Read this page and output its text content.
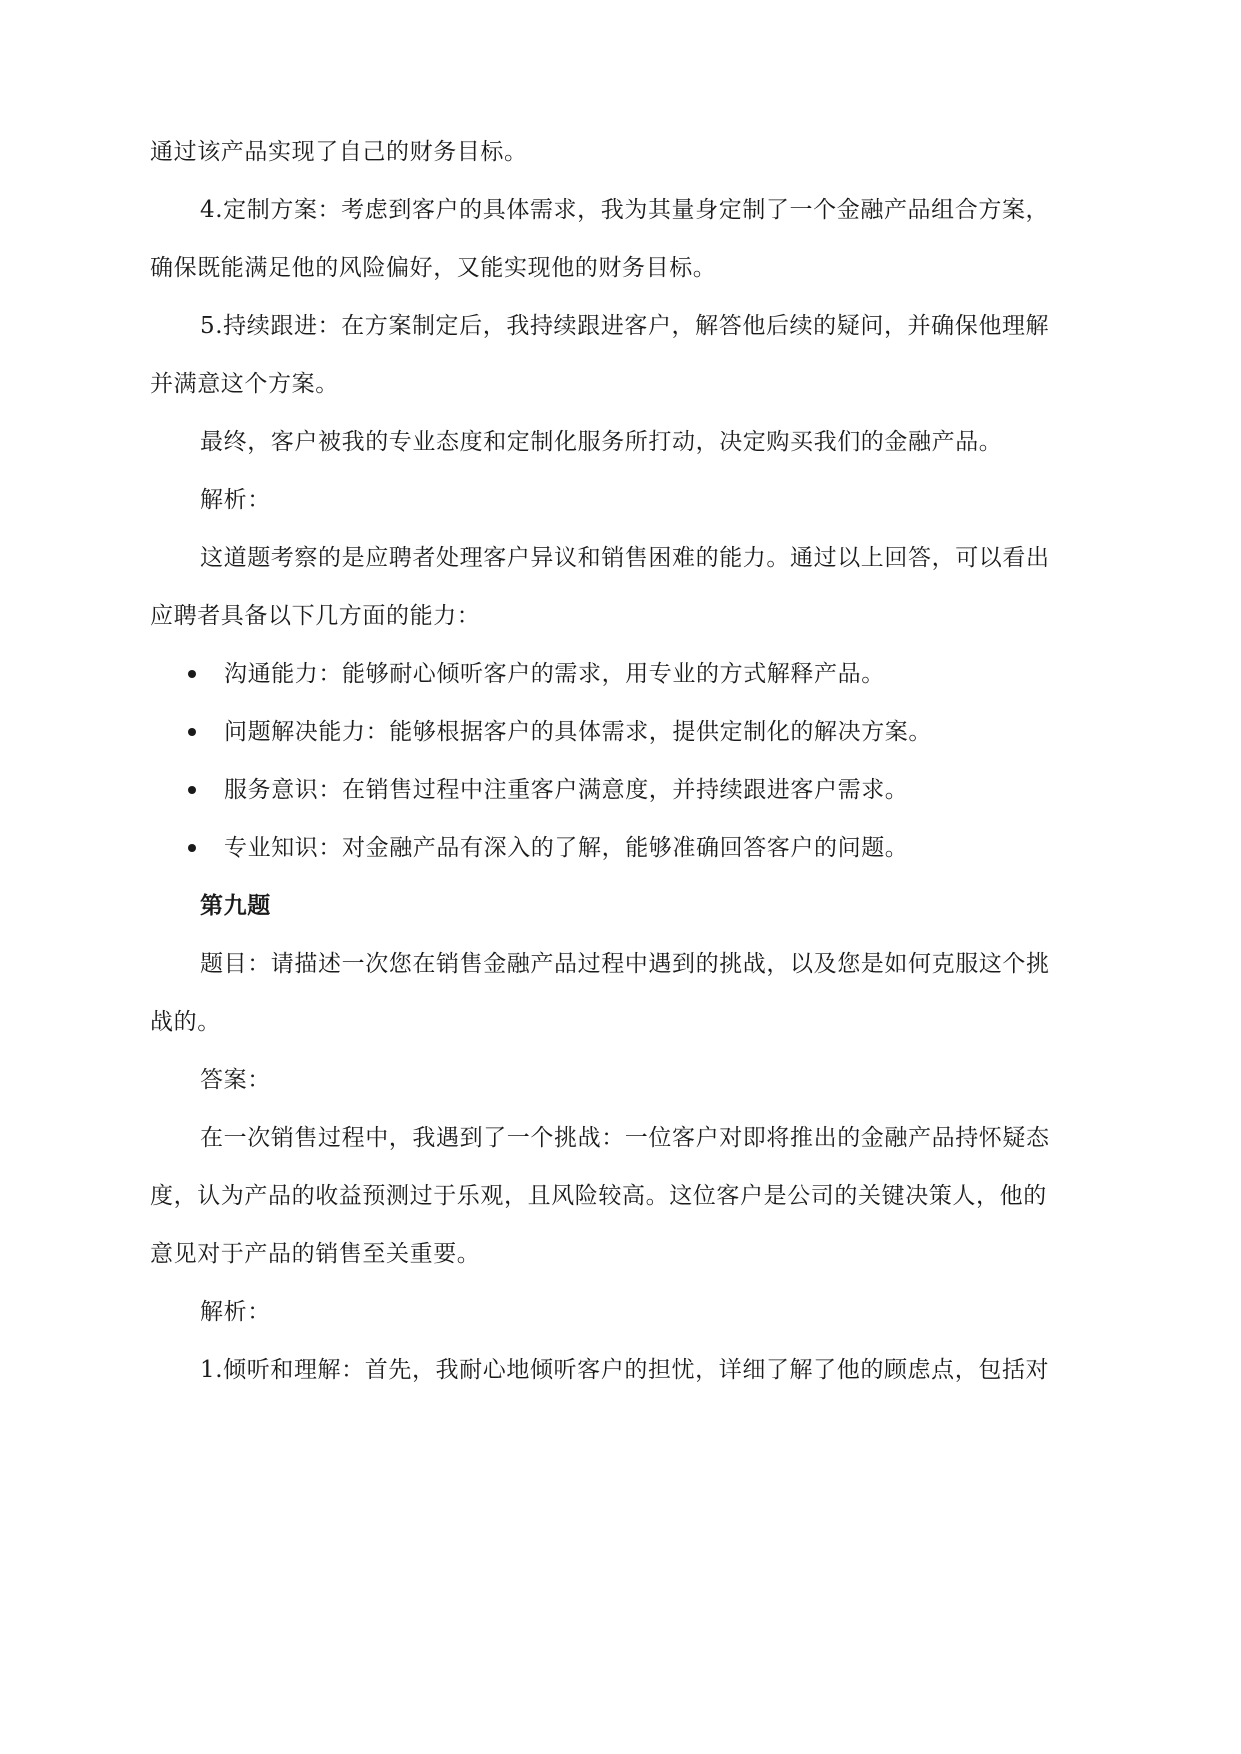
通过该产品实现了自己的财务目标。
4.定制方案：考虑到客户的具体需求，我为其量身定制了一个金融产品组合方案，
确保既能满足他的风险偏好，又能实现他的财务目标。
5.持续跟进：在方案制定后，我持续跟进客户，解答他后续的疑问，并确保他理解
并满意这个方案。
最终，客户被我的专业态度和定制化服务所打动，决定购买我们的金融产品。
解析：
这道题考察的是应聘者处理客户异议和销售困难的能力。通过以上回答，可以看出
应聘者具备以下几方面的能力：
沟通能力：能够耐心倾听客户的需求，用专业的方式解释产品。
问题解决能力：能够根据客户的具体需求，提供定制化的解决方案。
服务意识：在销售过程中注重客户满意度，并持续跟进客户需求。
专业知识：对金融产品有深入的了解，能够准确回答客户的问题。
第九题
题目：请描述一次您在销售金融产品过程中遇到的挑战，以及您是如何克服这个挑
战的。
答案：
在一次销售过程中，我遇到了一个挑战：一位客户对即将推出的金融产品持怀疑态
度，认为产品的收益预测过于乐观，且风险较高。这位客户是公司的关键决策人，他的
意见对于产品的销售至关重要。
解析：
1.倾听和理解：首先，我耐心地倾听客户的担忧，详细了解了他的顾虑点，包括对
